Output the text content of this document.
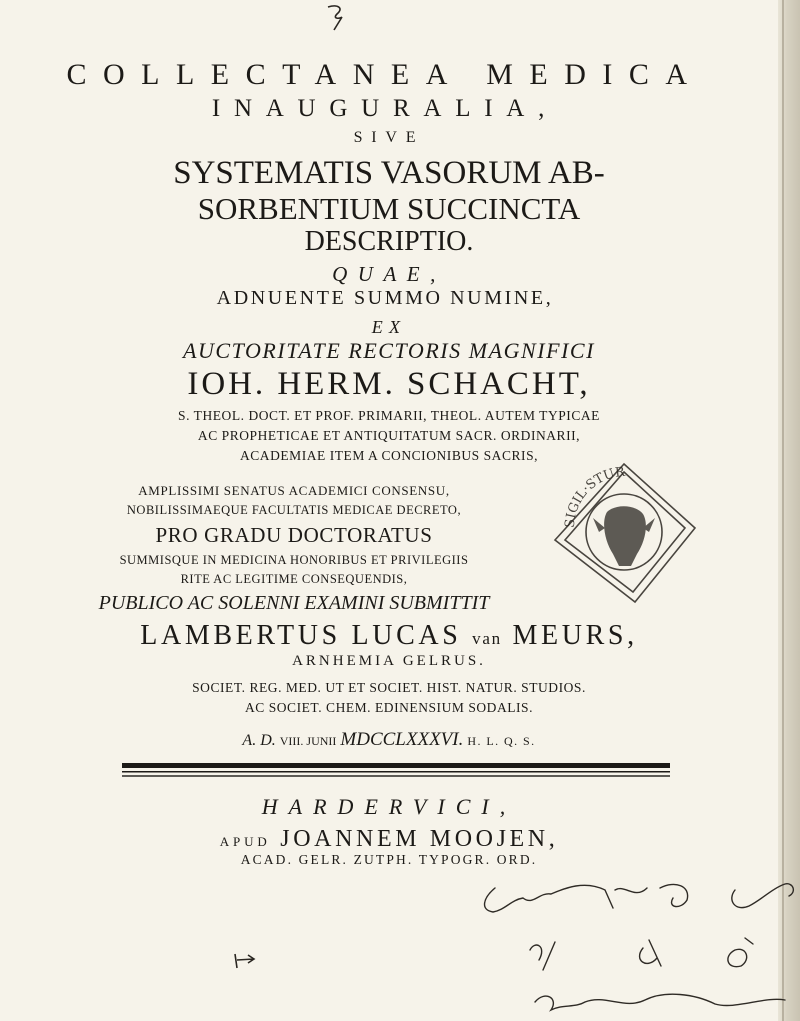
COLLECTANEA MEDICA
INAUGURALIA,
SIVE
SYSTEMATIS VASORUM AB-
SORBENTIUM SUCCINCTA
DESCRIPTIO.
QUAE,
ADNUENTE SUMMO NUMINE,
EX
AUCTORITATE RECTORIS MAGNIFICI
IOH. HERM. SCHACHT,
S. THEOL. DOCT. ET PROF. PRIMARII, THEOL. AUTEM TYPICAE
AC PROPHETICAE ET ANTIQUITATUM SACR. ORDINARII,
ACADEMIAE ITEM A CONCIONIBUS SACRIS,
AMPLISSIMI SENATUS ACADEMICI CONSENSU,
NOBILISSIMAEQUE FACULTATIS MEDICAE DECRETO,
PRO GRADU DOCTORATUS
SUMMISQUE IN MEDICINA HONORIBUS ET PRIVILEGIIS
RITE AC LEGITIME CONSEQUENDIS,
PUBLICO AC SOLENNI EXAMINI SUBMITTIT
SIGIL·STUR
LAMBERTUS LUCAS van MEURS,
ARNHEMIA GELRUS.
SOCIET. REG. MED. UT ET SOCIET. HIST. NATUR. STUDIOS.
AC SOCIET. CHEM. EDINENSIUM SODALIS.
A. D. VIII. JUNII MDCCLXXXVI. H. L. Q. S.
HARDERVICI,
APUD JOANNEM MOOJEN,
ACAD. GELR. ZUTPH. TYPOGR. ORD.
